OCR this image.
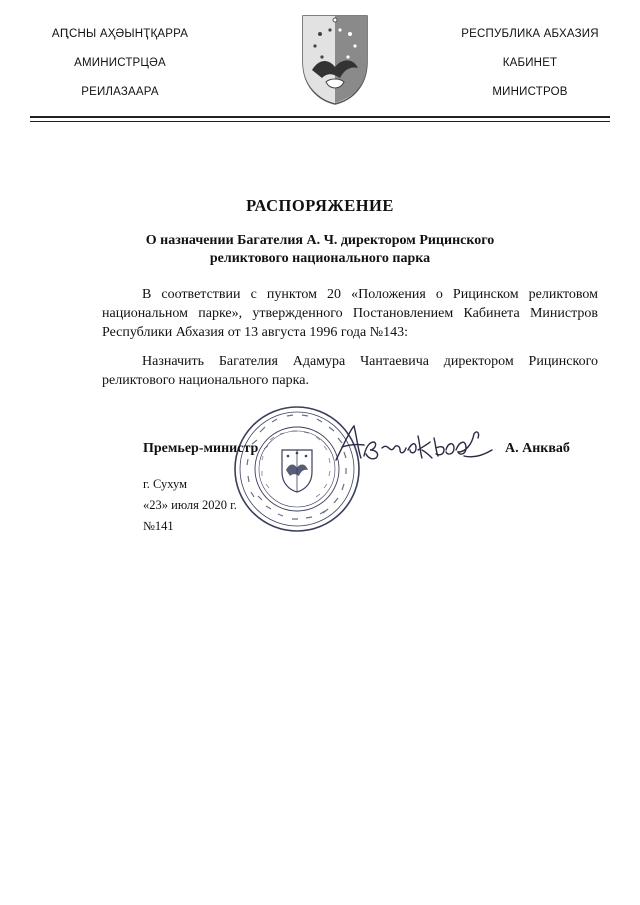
АԤСНЫ АҲӘЫНҬҚАРРА
АМИНИСТРЦӘА
РЕИЛАЗААРА
РЕСПУБЛИКА АБХАЗИЯ
КАБИНЕТ
МИНИСТРОВ
РАСПОРЯЖЕНИЕ
О назначении Багателия А. Ч. директором Рицинского
реликтового национального парка

В соответствии с пунктом 20 «Положения о Рицинском реликтовом национальном парке», утвержденного Постановлением Кабинета Министров Республики Абхазия от 13 августа 1996 года №143:

Назначить Багателия Адамура Чантаевича директором Рицинского реликтового национального парка.

Премьер-министр	А. Анкваб
г. Сухум
«23» июля 2020 г.
№141
